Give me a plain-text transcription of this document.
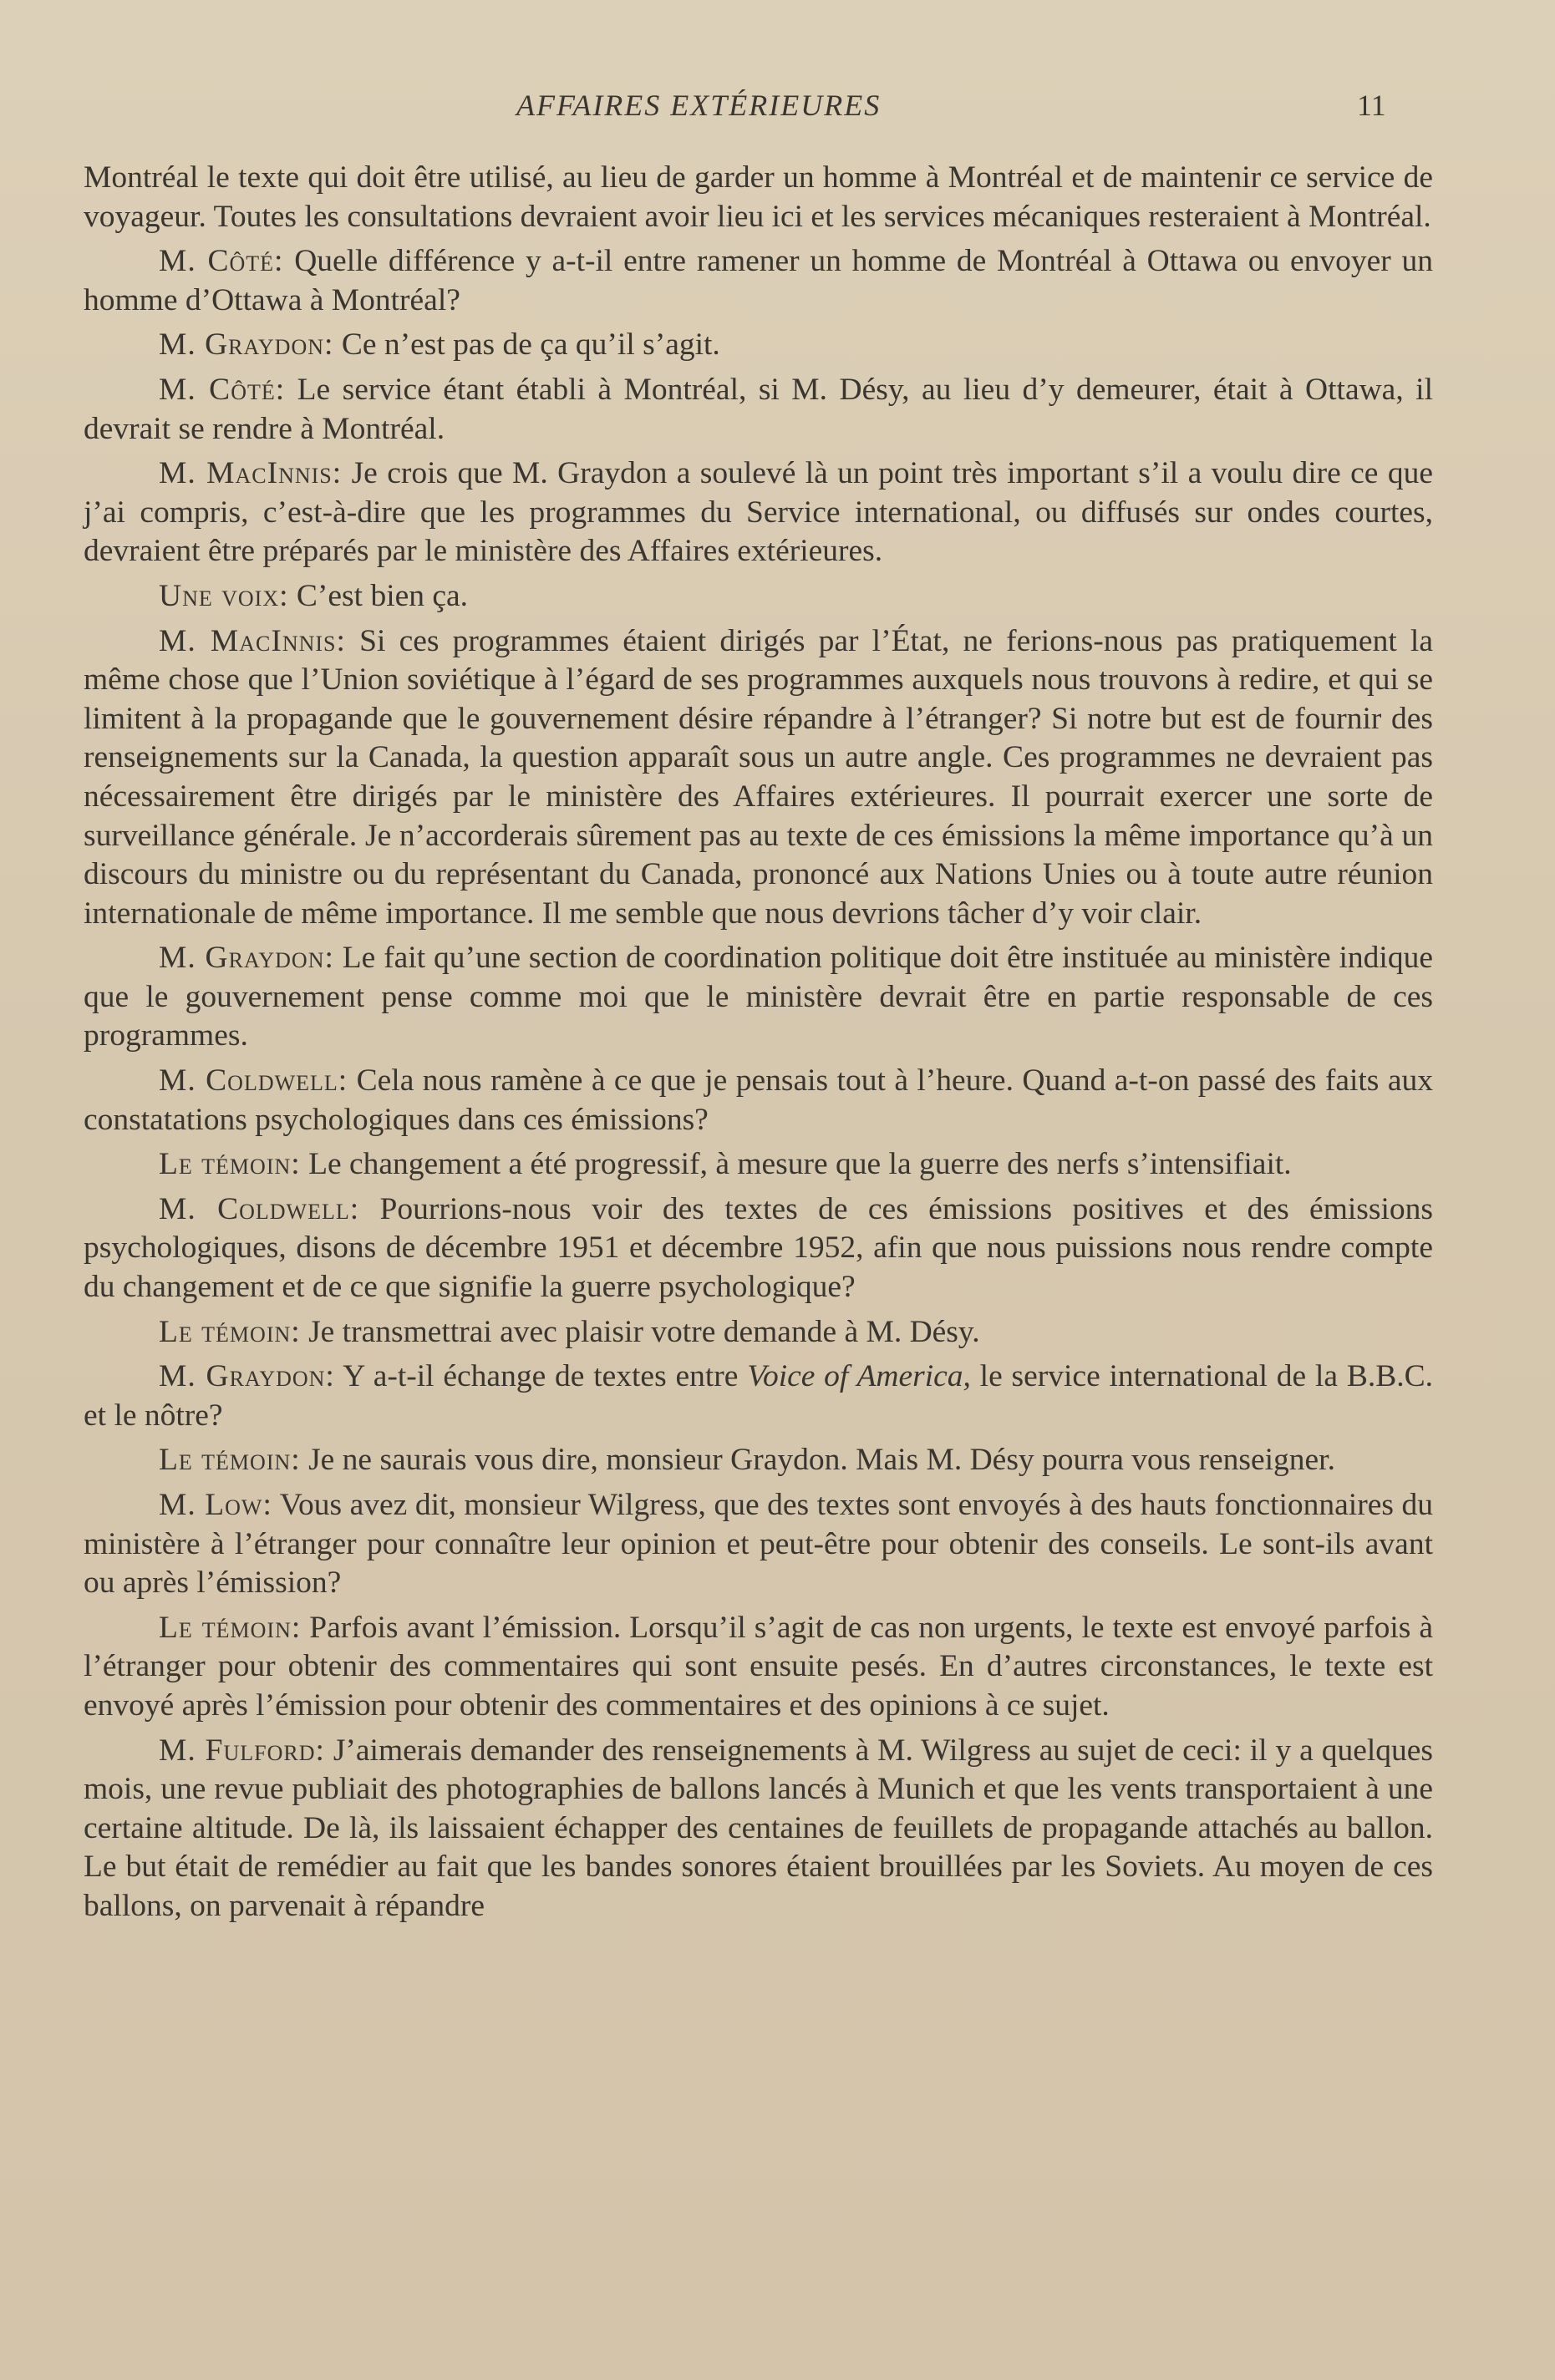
AFFAIRES EXTÉRIEURES	11

Montréal le texte qui doit être utilisé, au lieu de garder un homme à Montréal et de maintenir ce service de voyageur. Toutes les consultations devraient avoir lieu ici et les services mécaniques resteraient à Montréal.

M. Côté: Quelle différence y a-t-il entre ramener un homme de Montréal à Ottawa ou envoyer un homme d’Ottawa à Montréal?

M. Graydon: Ce n’est pas de ça qu’il s’agit.

M. Côté: Le service étant établi à Montréal, si M. Désy, au lieu d’y demeurer, était à Ottawa, il devrait se rendre à Montréal.

M. MacInnis: Je crois que M. Graydon a soulevé là un point très important s’il a voulu dire ce que j’ai compris, c’est-à-dire que les programmes du Service international, ou diffusés sur ondes courtes, devraient être préparés par le ministère des Affaires extérieures.

Une voix: C’est bien ça.

M. MacInnis: Si ces programmes étaient dirigés par l’État, ne ferions-nous pas pratiquement la même chose que l’Union soviétique à l’égard de ses programmes auxquels nous trouvons à redire, et qui se limitent à la propagande que le gouvernement désire répandre à l’étranger? Si notre but est de fournir des renseignements sur la Canada, la question apparaît sous un autre angle. Ces programmes ne devraient pas nécessairement être dirigés par le ministère des Affaires extérieures. Il pourrait exercer une sorte de surveillance générale. Je n’accorderais sûrement pas au texte de ces émissions la même importance qu’à un discours du ministre ou du représentant du Canada, prononcé aux Nations Unies ou à toute autre réunion internationale de même importance. Il me semble que nous devrions tâcher d’y voir clair.

M. Graydon: Le fait qu’une section de coordination politique doit être instituée au ministère indique que le gouvernement pense comme moi que le ministère devrait être en partie responsable de ces programmes.

M. Coldwell: Cela nous ramène à ce que je pensais tout à l’heure. Quand a-t-on passé des faits aux constatations psychologiques dans ces émissions?

Le témoin: Le changement a été progressif, à mesure que la guerre des nerfs s’intensifiait.

M. Coldwell: Pourrions-nous voir des textes de ces émissions positives et des émissions psychologiques, disons de décembre 1951 et décembre 1952, afin que nous puissions nous rendre compte du changement et de ce que signifie la guerre psychologique?

Le témoin: Je transmettrai avec plaisir votre demande à M. Désy.

M. Graydon: Y a-t-il échange de textes entre Voice of America, le service international de la B.B.C. et le nôtre?

Le témoin: Je ne saurais vous dire, monsieur Graydon. Mais M. Désy pourra vous renseigner.

M. Low: Vous avez dit, monsieur Wilgress, que des textes sont envoyés à des hauts fonctionnaires du ministère à l’étranger pour connaître leur opinion et peut-être pour obtenir des conseils. Le sont-ils avant ou après l’émission?

Le témoin: Parfois avant l’émission. Lorsqu’il s’agit de cas non urgents, le texte est envoyé parfois à l’étranger pour obtenir des commentaires qui sont ensuite pesés. En d’autres circonstances, le texte est envoyé après l’émission pour obtenir des commentaires et des opinions à ce sujet.

M. Fulford: J’aimerais demander des renseignements à M. Wilgress au sujet de ceci: il y a quelques mois, une revue publiait des photographies de ballons lancés à Munich et que les vents transportaient à une certaine altitude. De là, ils laissaient échapper des centaines de feuillets de propagande attachés au ballon. Le but était de remédier au fait que les bandes sonores étaient brouillées par les Soviets. Au moyen de ces ballons, on parvenait à répandre
